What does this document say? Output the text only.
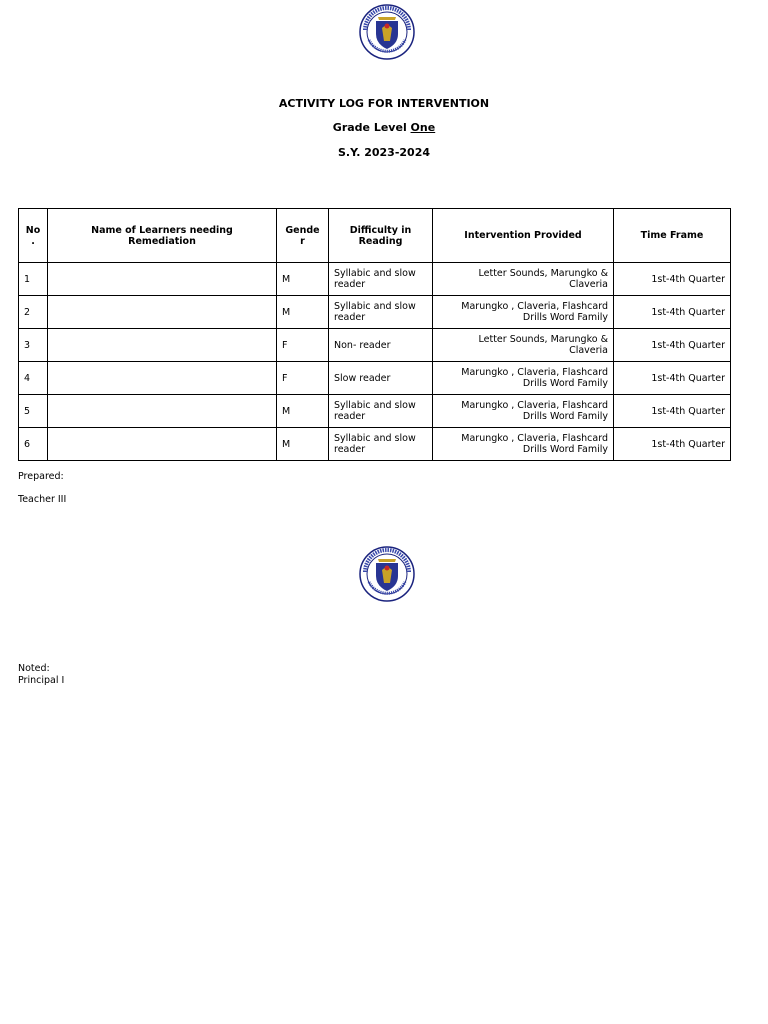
ACTIVITY LOG FOR INTERVENTION
Grade Level One
S.Y. 2023-2024
No
.	Name of Learners needing
Remediation	Gende
r	Difficulty in
Reading	Intervention Provided	Time Frame
1		M	Syllabic and slow
reader	Letter Sounds, Marungko &
Claveria	1st-4th Quarter
2		M	Syllabic and slow
reader	Marungko , Claveria, Flashcard
Drills Word Family	1st-4th Quarter
3		F	Non- reader	Letter Sounds, Marungko &
Claveria	1st-4th Quarter
4		F	Slow reader	Marungko , Claveria, Flashcard
Drills Word Family	1st-4th Quarter
5		M	Syllabic and slow
reader	Marungko , Claveria, Flashcard
Drills Word Family	1st-4th Quarter
6		M	Syllabic and slow
reader	Marungko , Claveria, Flashcard
Drills Word Family	1st-4th Quarter
Prepared:
Teacher III
Noted:
Principal I
